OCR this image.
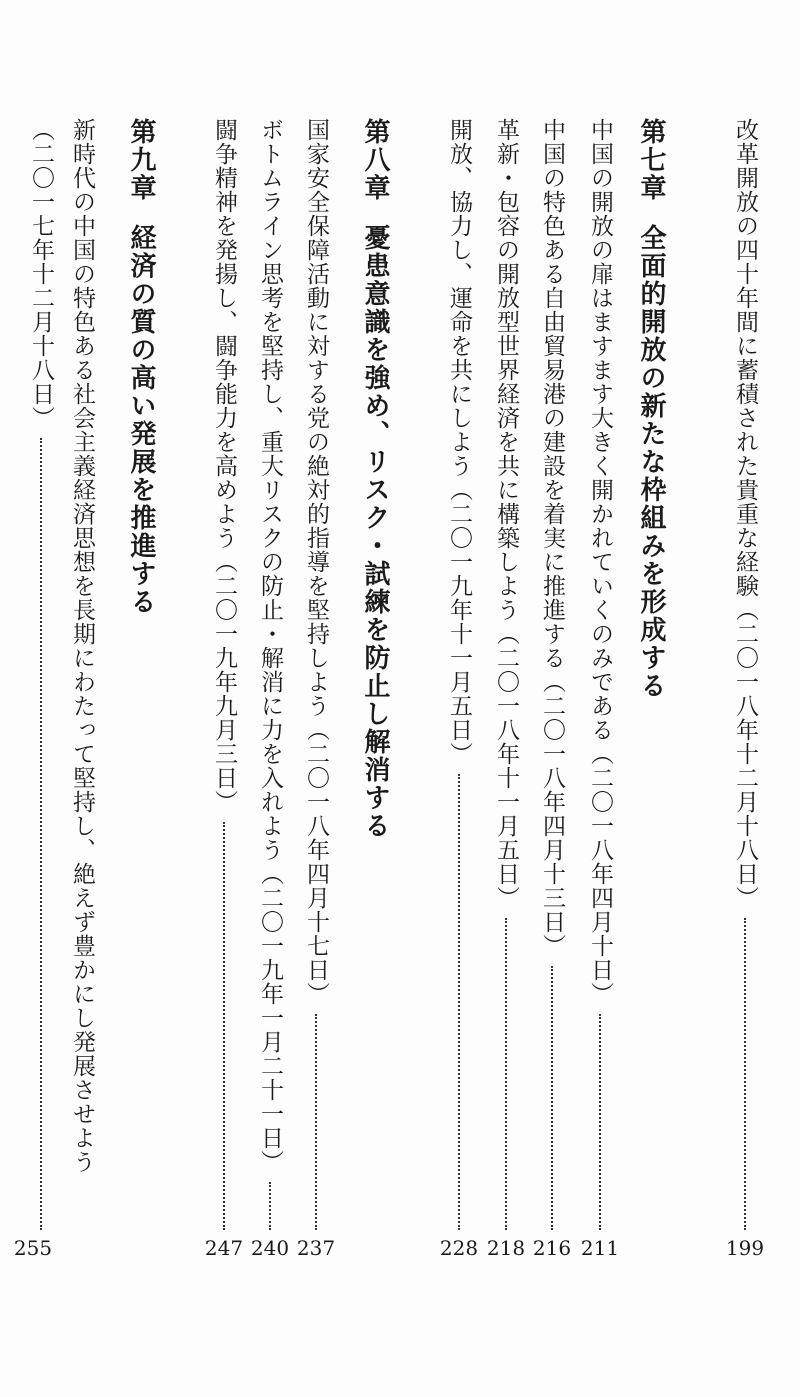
改革開放の四十年間に蓄積された貴重な経験（二〇一八年十二月十八日）
199
第七章
全面的開放の新たな枠組みを形成する
中国の開放の扉はますます大きく開かれていくのみである（二〇一八年四月十日）
211
中国の特色ある自由貿易港の建設を着実に推進する（二〇一八年四月十三日）
216
革新・包容の開放型世界経済を共に構築しよう（二〇一八年十一月五日）
218
開放、協力し、運命を共にしよう（二〇一九年十一月五日）
228
第八章
憂患意識を強め、リスク・試練を防止し解消する
国家安全保障活動に対する党の絶対的指導を堅持しよう（二〇一八年四月十七日）
237
ボトムライン思考を堅持し、重大リスクの防止・解消に力を入れよう（二〇一九年一月二十一日）
240
闘争精神を発揚し、闘争能力を高めよう（二〇一九年九月三日）
247
第九章
経済の質の高い発展を推進する
新時代の中国の特色ある社会主義経済思想を長期にわたって堅持し、絶えず豊かにし発展させよう
（二〇一七年十二月十八日）
255
